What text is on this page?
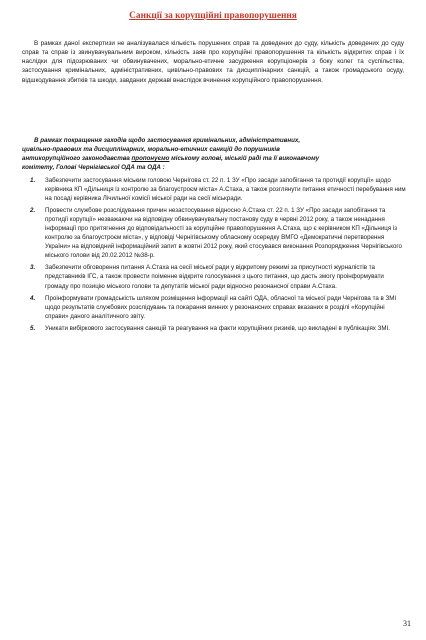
Санкції за корупційні правопорушення

В рамках даної експертизи не аналізувалася кількість порушених справ та доведених до суду, кількість доведених до суду справ та справ із звинувачувальним вироком, кількість заяв про корупційні правопорушення та кількість відкритих справ і їх наслідки для підозрюваних чи обвинувачених, морально-етичне засудження корупціонерів з боку колег та суспільства, застосування кримінальних, адміністративних, цивільно-правових та дисциплінарних санкцій, а також громадського осуду, відшкодування збитків та шкоди, завданих державі внаслідок вчинення корупційного правопорушення.

В рамках покращення заходів щодо застосування кримінальних, адміністративних,
цивільно-правових та дисциплінарних, морально-етичних санкцій до порушників
антикорупційного законодавства пропонуємо міському голові, міській раді та її виконавчому
комітету, Голові Чернігівської ОДА та ОДА :
1. Забезпечити застосування міським головою Чернігова ст. 22 п. 1 ЗУ «Про засади запобігання та протидії корупції» щодо керівника КП «Дільниця із контролю за благоустроєм міста» А.Стаха, а також розглянути питання етичності перебування ним на посаді керівника Лічильної комісії міської ради на сесії міськради.
2. Провести службове розслідування причин незастосування відносно А.Стаха ст. 22 п. 1 ЗУ «Про засади запобігання та протидії корупції» незважаючи на відповідну обвинувачувальну постанову суду в червні 2012 року, а також ненадання інформації про притягнення до відповідальності за корупційне правопорушення А.Стаха, що є керівником КП «Дільниця із контролю за благоустроєм міста», у відповіді Чернігівському обласному осередку ВМГО «Демократичні перетворення України» на відповідний інформаційний запит в жовтні 2012 року, який стосувався виконання Розпорядження Чернігівського міського голови від 20.02.2012 №38-р.
3. Забезпечити обговорення питання А.Стаха на сесії міської ради у відкритому режимі за присутності журналістів та представників ІГС, а також провести поіменне відкрите голосування з цього питання, що дасть змогу проінформувати громаду про позицію міського голови та депутатів міської ради відносно резонансної справи А.Стаха.
4. Проінформувати громадськість шляхом розміщення інформації на сайті ОДА, обласної та міської ради Чернігова та в ЗМІ щодо результатів службових розслідувань та покарання винних у резонансних справах вказаних в розділі «Корупційні справи» даного аналітичного звіту.
5. Уникати вибіркового застосування санкцій та реагування на факти корупційних ризиків, що викладені в публікаціях ЗМІ.
31
